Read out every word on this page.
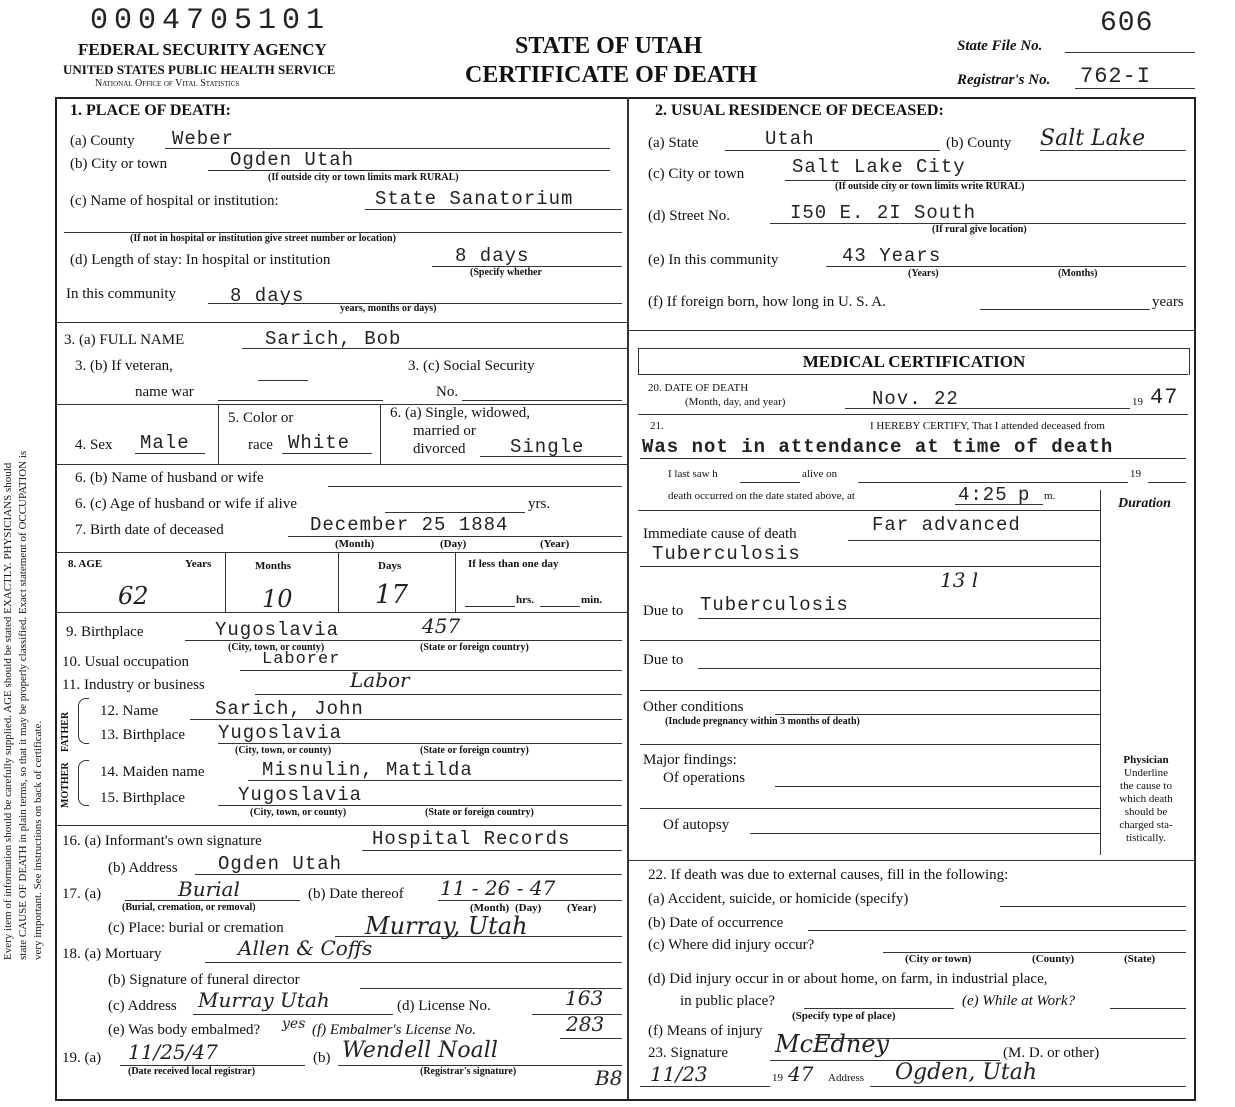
0004705101
FEDERAL SECURITY AGENCY
UNITED STATES PUBLIC HEALTH SERVICE
National Office of Vital Statistics
STATE OF UTAH
CERTIFICATE OF DEATH
State File No.
606
Registrar's No. 762-I
Every item of information should be carefully supplied. AGE should be stated EXACTLY. PHYSICIANS should state CAUSE OF DEATH in plain terms, so that it may be properly classified. Exact statement of OCCUPATION is very important. See instructions on back of certificate.
1. PLACE OF DEATH:
(a) County Weber
(b) City or town	Ogden Utah
(If outside city or town limits mark RURAL)
(c) Name of hospital or institution:	State Sanatorium
(If not in hospital or institution give street number or location)
(d) Length of stay: In hospital or institution	8 days
(Specify whether
In this community	8 days
years, months or days)
3. (a) FULL NAME	Sarich, Bob
3. (b) If veteran,
name war
3. (c) Social Security
No.
4. Sex Male
5. Color or
race White
6. (a) Single, widowed,
married or
divorced Single
6. (b) Name of husband or wife
6. (c) Age of husband or wife if alive	yrs.
7. Birth date of deceased	December 25 1884
(Month)	(Day)	(Year)
8. AGE	Years	Months	Days	If less than one day
62	10	17	hrs.	min.
9. Birthplace	Yugoslavia	457
(City, town, or county)	(State or foreign country)
10. Usual occupation	Laborer
11. Industry or business	Labor
FATHER
12. Name	Sarich, John
13. Birthplace Yugoslavia
(City, town, or county)	(State or foreign country)
MOTHER 14. Maiden name	Misnulin, Matilda
15. Birthplace	Yugoslavia
(City, town, or county)	(State or foreign country)
16. (a) Informant's own signature	Hospital Records
(b) Address Ogden Utah
17. (a)	Burial
(Burial, cremation, or removal)
(b) Date thereof 11 - 26 - 47
(Month) (Day) (Year)
(c) Place: burial or cremation	Murray, Utah
18. (a) Mortuary	Allen & Coffs
(b) Signature of funeral director
(c) Address Murray Utah	(d) License No.	163
(e) Was body embalmed? yes (f) Embalmer's License No.	283
19. (a) 11/25/47
(Date received local registrar)
(b) Wendell Noall
(Registrar's signature)	B8
2. USUAL RESIDENCE OF DECEASED:
(a) State	Utah	(b) County Salt Lake
(c) City or town	Salt Lake City
(If outside city or town limits write RURAL)
(d) Street No.	I50 E. 2I South
(If rural give location)
(e) In this community	43 Years
(Years)	(Months)
(f) If foreign born, how long in U. S. A.	years
MEDICAL CERTIFICATION
20. DATE OF DEATH
(Month, day, and year)	Nov. 22	19 47
21.	I HEREBY CERTIFY, That I attended deceased from
Was not in attendance at time of death
I last saw h	alive on	19
death occurred on the date stated above, at	4:25 p m.	Duration
Immediate cause of death	Far advanced
Tuberculosis
13 l
Due to Tuberculosis
Due to
Other conditions
(Include pregnancy within 3 months of death)
Major findings:
Of operations
Of autopsy
Physician
Underline
the cause to
which death
should be
charged sta-
tistically.
22. If death was due to external causes, fill in the following:
(a) Accident, suicide, or homicide (specify)
(b) Date of occurrence
(c) Where did injury occur?
(City or town)	(County)	(State)
(d) Did injury occur in or about home, on farm, in industrial place,
in public place?
(Specify type of place)
(e) While at Work?
(f) Means of injury
23. Signature McEdney	(M. D. or other)
11/23	19 47 Address Ogden, Utah
